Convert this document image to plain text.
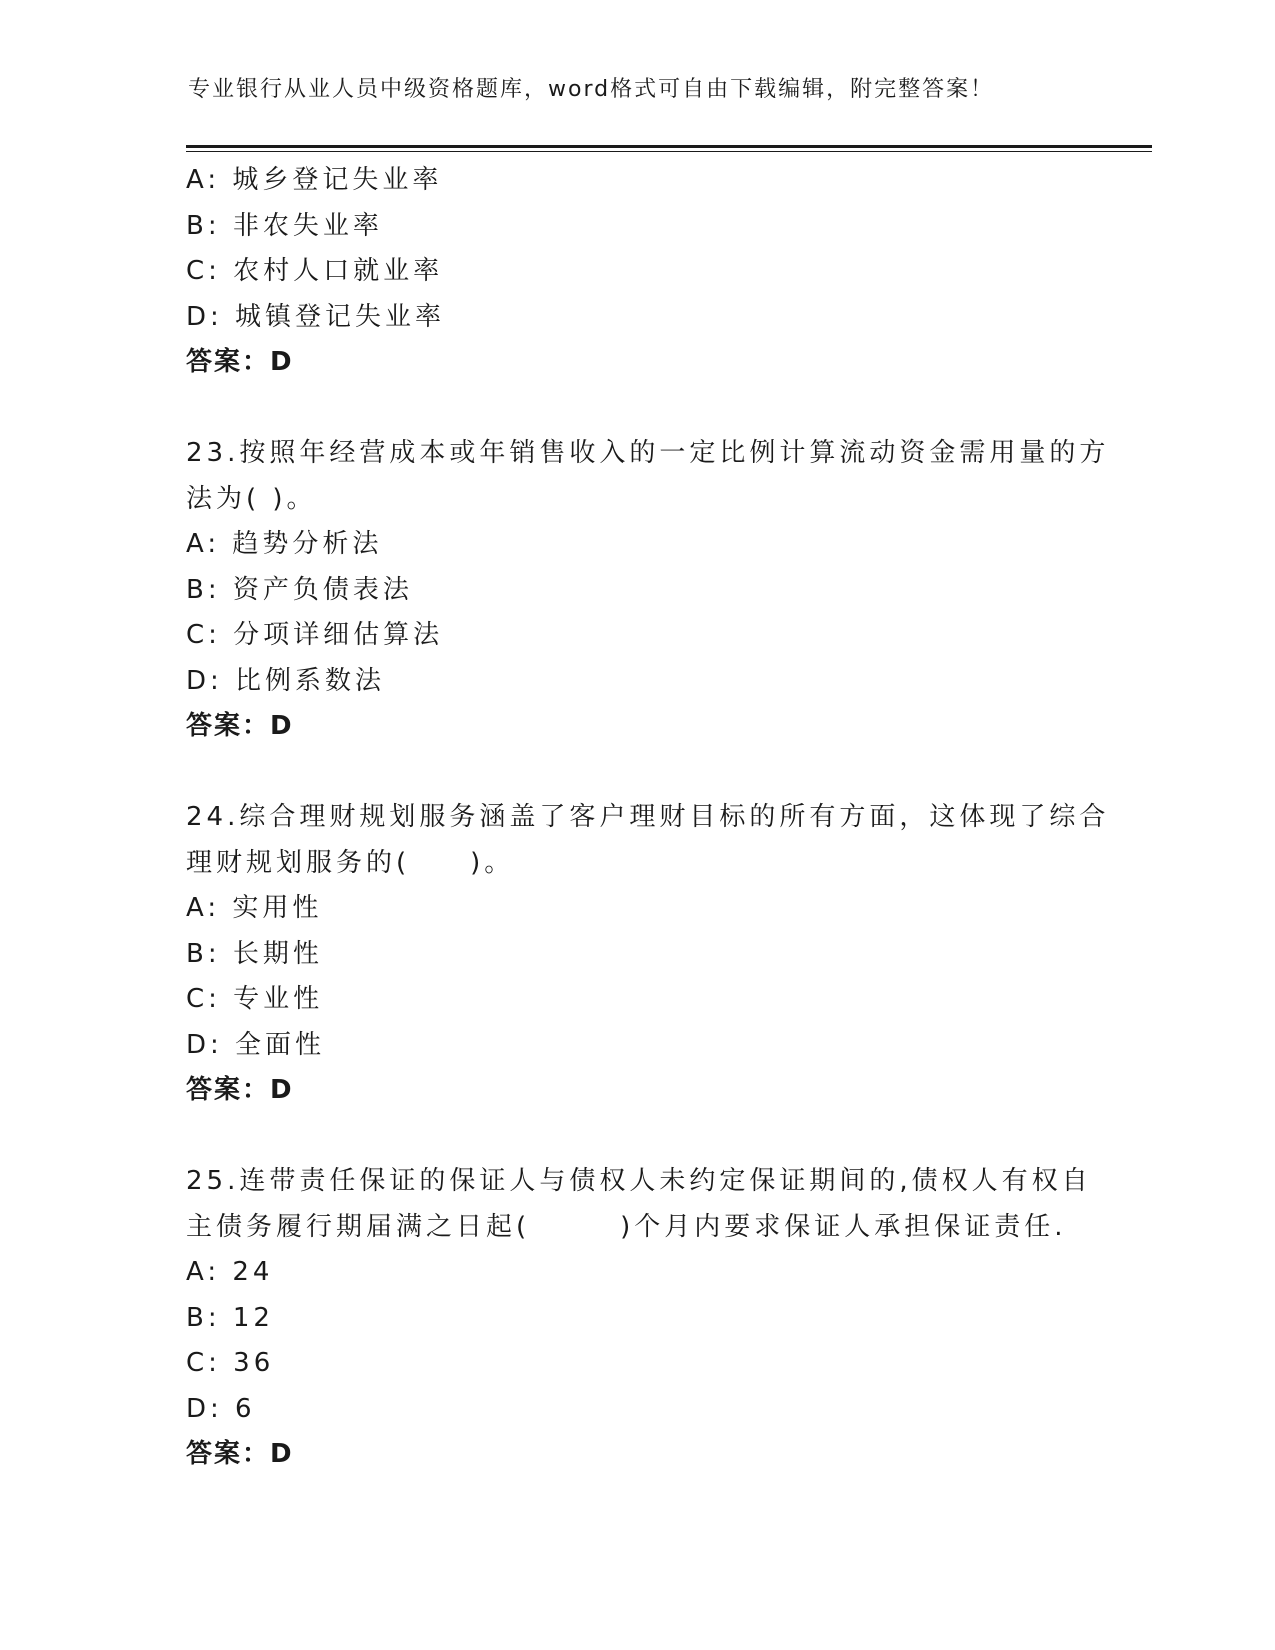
专业银行从业人员中级资格题库，word格式可自由下载编辑，附完整答案！
A: 城乡登记失业率
B: 非农失业率
C: 农村人口就业率
D: 城镇登记失业率
答案：D
23.按照年经营成本或年销售收入的一定比例计算流动资金需用量的方
法为( )。
A: 趋势分析法
B: 资产负债表法
C: 分项详细估算法
D: 比例系数法
答案：D
24.综合理财规划服务涵盖了客户理财目标的所有方面，这体现了综合
理财规划服务的(　　)。
A: 实用性
B: 长期性
C: 专业性
D: 全面性
答案：D
25.连带责任保证的保证人与债权人未约定保证期间的,债权人有权自
主债务履行期届满之日起(　　　)个月内要求保证人承担保证责任.
A: 24
B: 12
C: 36
D: 6
答案：D
